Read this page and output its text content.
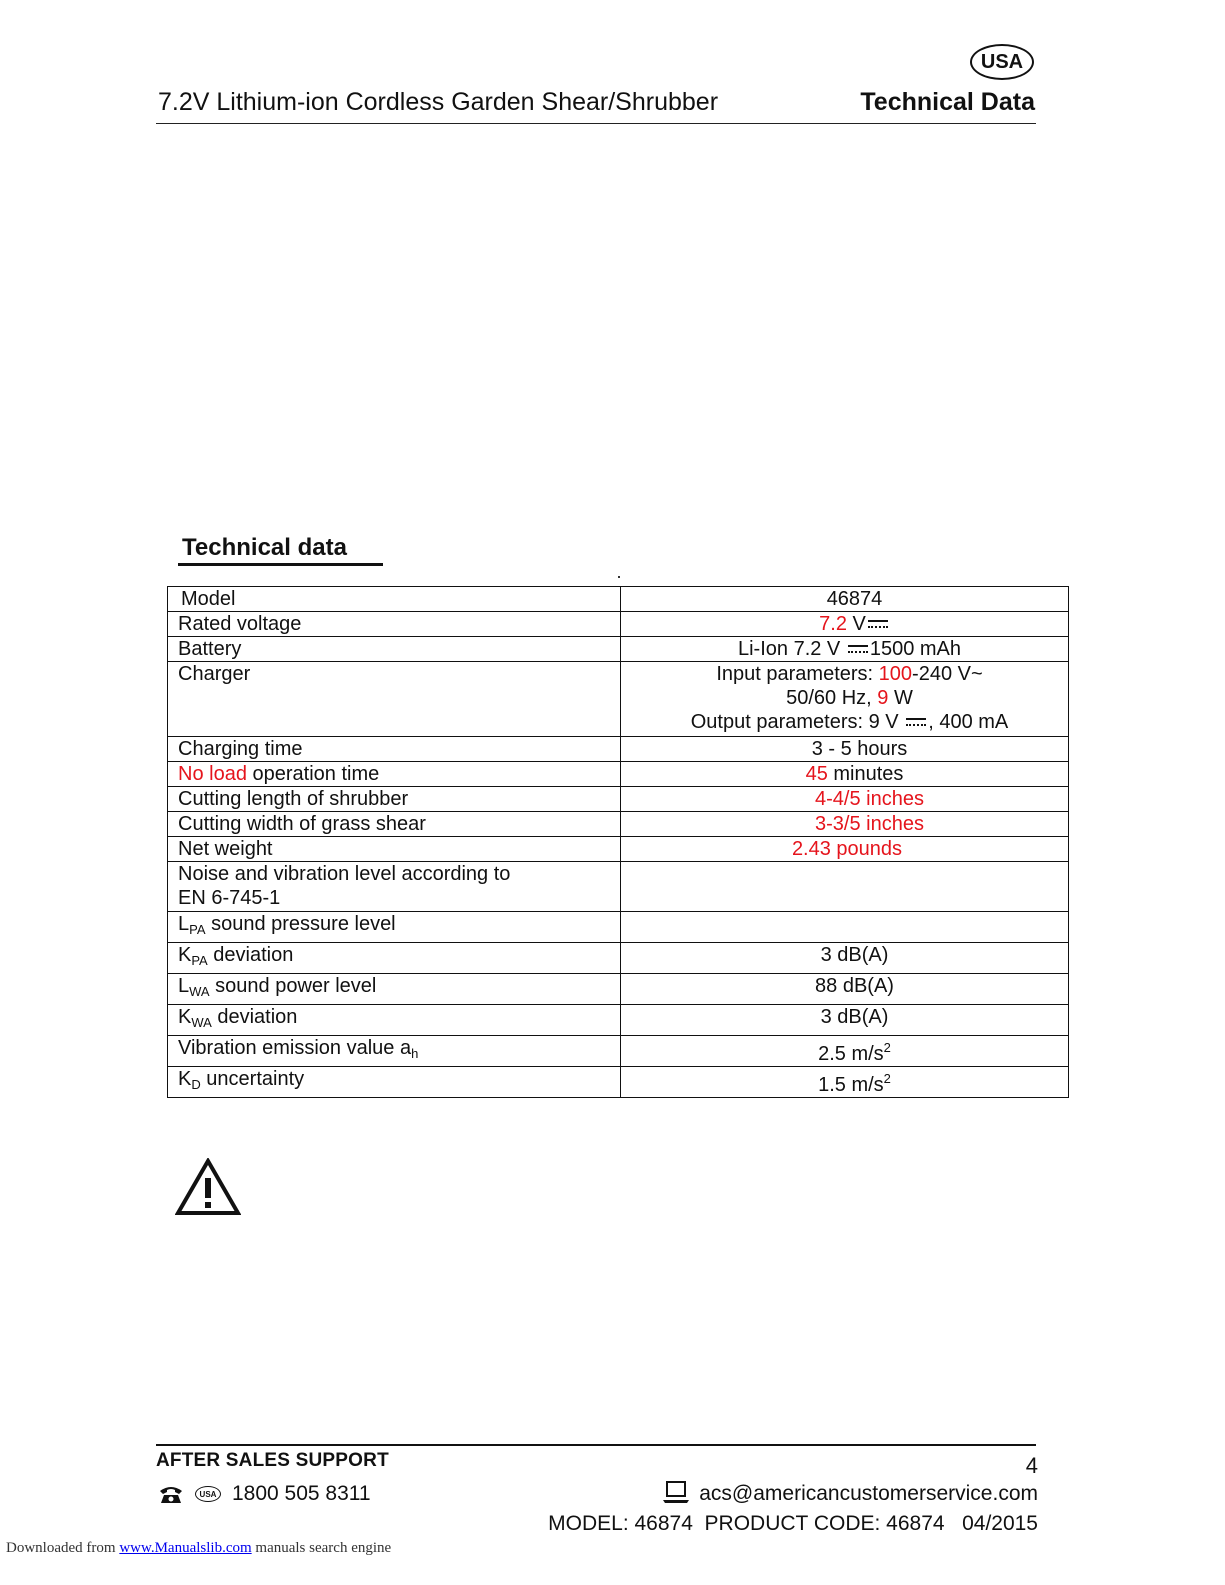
USA
7.2V Lithium-ion Cordless Garden Shear/Shrubber	Technical Data
Technical data
Model	46874
Rated voltage	7.2 V
Battery	Li-Ion 7.2 V 1500 mAh
Charger	Input parameters: 100-240 V~
50/60 Hz, 9 W
Output parameters: 9 V , 400 mA

Charging time	3 - 5 hours
No load operation time	45 minutes
Cutting length of shrubber	4-4/5 inches
Cutting width of grass shear	3-3/5 inches
Net weight	2.43 pounds

Noise and vibration level according to
EN 6-745-1	

$L_{PA}$ sound pressure level	
$K_{PA}$ deviation	3 dB(A)
$L_{WA}$ sound power level	88 dB(A)
$K_{WA}$ deviation	3 dB(A)
Vibration emission value $a_h$	2.5 $m/s^2$
$K_D$ uncertainty	1.5 $m/s^2$
AFTER SALES SUPPORT	4
USA 1800 505 8311	acs@americancustomerservice.com
MODEL: 46874  PRODUCT CODE: 46874   04/2015
Downloaded from www.Manualslib.com manuals search engine
